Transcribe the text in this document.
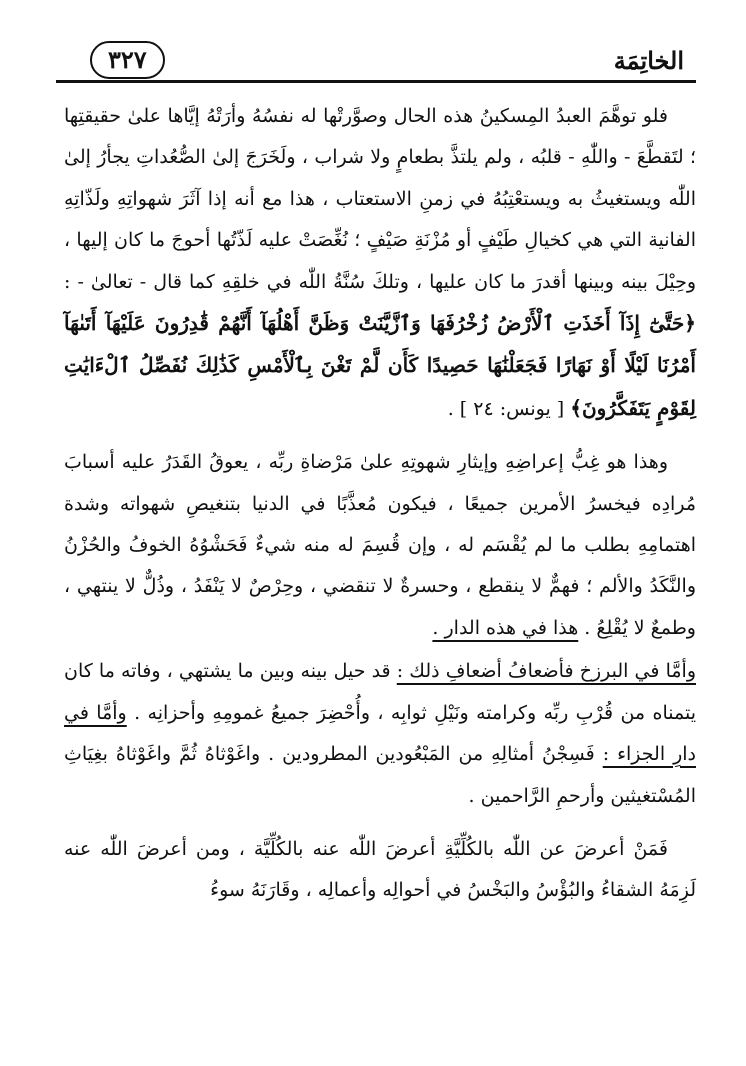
الخاتِمَة
٣٢٧

فلو توهَّمَ العبدُ المِسكينُ هذه الحال وصوَّرتْها له نفسُهُ وأرَتْهُ إيَّاها علىٰ حقيقتِها ؛ لتَقطَّعَ - واللّٰهِ - قلبُه ، ولم يلتذَّ بطعامٍ ولا شراب ، ولَخَرَجَ إلىٰ الصُّعُداتِ يجأرُ إلىٰ اللّٰه ويستغيثُ به ويستعْتِبُهُ في زمنِ الاستعتاب ، هذا مع أنه إذا آثَرَ شهواتِهِ ولَذّاتِهِ الفانية التي هي كخيالِ طَيْفٍ أو مُزْنَةِ صَيْفٍ ؛ نُغِّصَتْ عليه لَذّتُها أحوجَ ما كان إليها ، وحِيْلَ بينه وبينها أقدرَ ما كان عليها ، وتلكَ سُنَّةُ اللّٰه في خلقِهِ كما قال - تعالىٰ - : ﴿حَتَّىٰٓ إِذَآ أَخَذَتِ ٱلْأَرْضُ زُخْرُفَهَا وَٱزَّيَّنَتْ وَظَنَّ أَهْلُهَآ أَنَّهُمْ قَٰدِرُونَ عَلَيْهَآ أَتَىٰهَآ أَمْرُنَا لَيْلًا أَوْ نَهَارًا فَجَعَلْنَٰهَا حَصِيدًا كَأَن لَّمْ تَغْنَ بِٱلْأَمْسِ كَذَٰلِكَ نُفَصِّلُ ٱلْءَايَٰتِ لِقَوْمٍ يَتَفَكَّرُونَ﴾ [ يونس: ٢٤ ] .

وهذا هو غِبُّ إعراضِهِ وإيثارِ شهوتِهِ علىٰ مَرْضاةِ ربِّه ، يعوقُ القَدَرُ عليه أسبابَ مُرادِه فيخسرُ الأمرين جميعًا ، فيكون مُعذَّبًا في الدنيا بتنغيصِ شهواته وشدة اهتمامِهِ بطلب ما لم يُقْسَم له ، وإن قُسِمَ له منه شيءٌ فَحَشْوُهُ الخوفُ والحُزْنُ والنَّكَدُ والألم ؛ فهمٌّ لا ينقطع ، وحسرةٌ لا تنقضي ، وحِرْصٌ لا يَنْفَدُ ، وذُلٌّ لا ينتهي ، وطمعٌ لا يُقْلِعُ . هذا في هذه الدار .

وأمَّا في البرزخ فأضعافُ أضعافِ ذلك : قد حيل بينه وبين ما يشتهي ، وفاته ما كان يتمناه من قُرْبِ ربِّه وكرامته ونَيْلِ ثوابِه ، وأُحْضِرَ جميعُ غمومِهِ وأحزانِه . وأمَّا في دارِ الجزاء : فَسِجْنُ أمثالِهِ من المَبْعُودين المطرودين . واغَوْثاهُ ثُمَّ واغَوْثاهُ بغِيَاثِ المُسْتغيثين وأرحمِ الرَّاحمين .

فَمَنْ أعرضَ عن اللّٰه بالكُلِّيَّةِ أعرضَ اللّٰه عنه بالكُلِّيَّة ، ومن أعرضَ اللّٰه عنه لَزِمَهُ الشقاءُ والبُؤْسُ والبَخْسُ في أحوالِه وأعمالِه ، وقَارَنَهُ سوءُ
